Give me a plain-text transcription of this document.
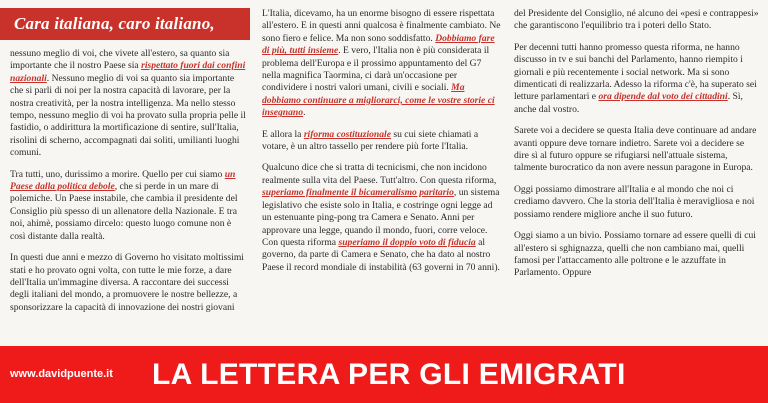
Cara italiana, caro italiano,

nessuno meglio di voi, che vivete all'estero, sa quanto sia importante che il nostro Paese sia rispettato fuori dai confini nazionali. Nessuno meglio di voi sa quanto sia importante che si parli di noi per la nostra capacità di lavorare, per la nostra creatività, per la nostra intelligenza. Ma nello stesso tempo, nessuno meglio di voi ha provato sulla propria pelle il fastidio, o addirittura la mortificazione di sentire, sull'Italia, risolini di scherno, accompagnati dai soliti, umilianti luoghi comuni.

Tra tutti, uno, durissimo a morire. Quello per cui siamo un Paese dalla politica debole, che si perde in un mare di polemiche. Un Paese instabile, che cambia il presidente del Consiglio più spesso di un allenatore della Nazionale. E tra noi, ahimè, possiamo dircelo: questo luogo comune non è così distante dalla realtà.

In questi due anni e mezzo di Governo ho visitato moltissimi stati e ho provato ogni volta, con tutte le mie forze, a dare dell'Italia un'immagine diversa. A raccontare dei successi degli italiani del mondo, a promuovere le nostre bellezze, a sponsorizzare la capacità di innovazione dei nostri giovani

L'Italia, dicevamo, ha un enorme bisogno di essere rispettata all'estero. E in questi anni qualcosa è finalmente cambiato. Ne sono fiero e felice. Ma non sono soddisfatto. Dobbiamo fare di più, tutti insieme. E vero, l'Italia non è più considerata il problema dell'Europa e il prossimo appuntamento del G7 nella magnifica Taormina, ci darà un'occasione per condividere i nostri valori umani, civili e sociali. Ma dobbiamo continuare a migliorarci, come le vostre storie ci insegnano.

E allora la riforma costituzionale su cui siete chiamati a votare, è un altro tassello per rendere più forte l'Italia.

Qualcuno dice che si tratta di tecnicismi, che non incidono realmente sulla vita del Paese. Tutt'altro. Con questa riforma, superiamo finalmente il bicameralismo paritario, un sistema legislativo che esiste solo in Italia, e costringe ogni legge ad un estenuante ping-pong tra Camera e Senato. Anni per approvare una legge, quando il mondo, fuori, corre veloce. Con questa riforma superiamo il doppio voto di fiducia al governo, da parte di Camera e Senato, che ha dato al nostro Paese il record mondiale di instabilità (63 governi in 70 anni).

del Presidente del Consiglio, né alcuno dei «pesi e contrappesi» che garantiscono l'equilibrio tra i poteri dello Stato.

Per decenni tutti hanno promesso questa riforma, ne hanno discusso in tv e sui banchi del Parlamento, hanno riempito i giornali e più recentemente i social network. Ma si sono dimenticati di realizzarla. Adesso la riforma c'è, ha superato sei letture parlamentari e ora dipende dal voto dei cittadini. Sì, anche dal vostro.

Sarete voi a decidere se questa Italia deve continuare ad andare avanti oppure deve tornare indietro. Sarete voi a decidere se dire sì al futuro oppure se rifugiarsi nell'attuale sistema, talmente burocratico da non avere nessun paragone in Europa.

Oggi possiamo dimostrare all'Italia e al mondo che noi ci crediamo davvero. Che la storia dell'Italia è meravigliosa e noi possiamo rendere migliore anche il suo futuro.

Oggi siamo a un bivio. Possiamo tornare ad essere quelli di cui all'estero si sghignazza, quelli che non cambiano mai, quelli famosi per l'attaccamento alle poltrone e le azzuffate in Parlamento. Oppure

www.davidpuente.it LA LETTERA PER GLI EMIGRATI
